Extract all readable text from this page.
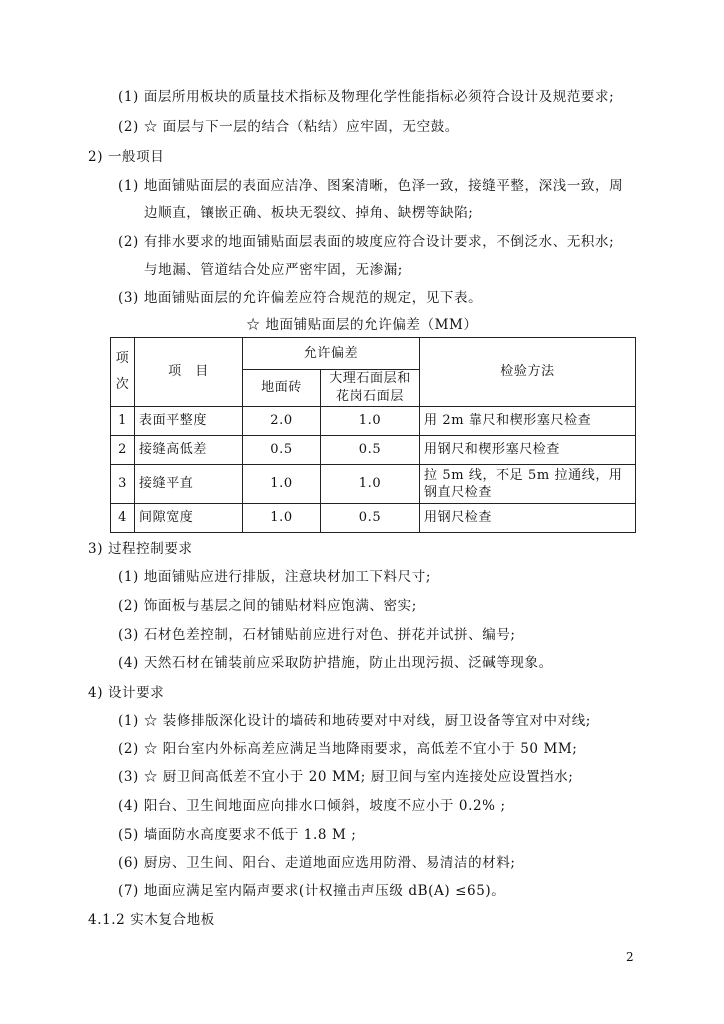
(1) 面层所用板块的质量技术指标及物理化学性能指标必须符合设计及规范要求;
(2) ☆ 面层与下一层的结合（粘结）应牢固，无空鼓。
2) 一般项目
(1) 地面铺贴面层的表面应洁净、图案清晰，色泽一致，接缝平整，深浅一致，周
边顺直，镶嵌正确、板块无裂纹、掉角、缺楞等缺陷;
(2) 有排水要求的地面铺贴面层表面的坡度应符合设计要求，不倒泛水、无积水;
与地漏、管道结合处应严密牢固，无渗漏;
(3) 地面铺贴面层的允许偏差应符合规范的规定，见下表。
☆ 地面铺贴面层的允许偏差（MM）
项
次	项　目	允许偏差		检验方法
		地面砖	大理石面层和
花岗石面层	

1	表面平整度	2.0	1.0	用 2m 靠尺和楔形塞尺检查
2	接缝高低差	0.5	0.5	用钢尺和楔形塞尺检查
3	接缝平直	1.0	1.0	拉 5m 线，不足 5m 拉通线，用钢直尺检查
4	间隙宽度	1.0	0.5	用钢尺检查
3) 过程控制要求
(1) 地面铺贴应进行排版，注意块材加工下料尺寸;
(2) 饰面板与基层之间的铺贴材料应饱满、密实;
(3) 石材色差控制，石材铺贴前应进行对色、拼花并试拼、编号;
(4) 天然石材在铺装前应采取防护措施，防止出现污损、泛碱等现象。
4) 设计要求
(1) ☆ 装修排版深化设计的墙砖和地砖要对中对线，厨卫设备等宜对中对线;
(2) ☆ 阳台室内外标高差应满足当地降雨要求，高低差不宜小于 50 MM;
(3) ☆ 厨卫间高低差不宜小于 20 MM; 厨卫间与室内连接处应设置挡水;
(4) 阳台、卫生间地面应向排水口倾斜，坡度不应小于 0.2% ;
(5) 墙面防水高度要求不低于 1.8 M ;
(6) 厨房、卫生间、阳台、走道地面应选用防滑、易清洁的材料;
(7) 地面应满足室内隔声要求(计权撞击声压级 dB(A) ≤65)。
4.1.2 实木复合地板
2
